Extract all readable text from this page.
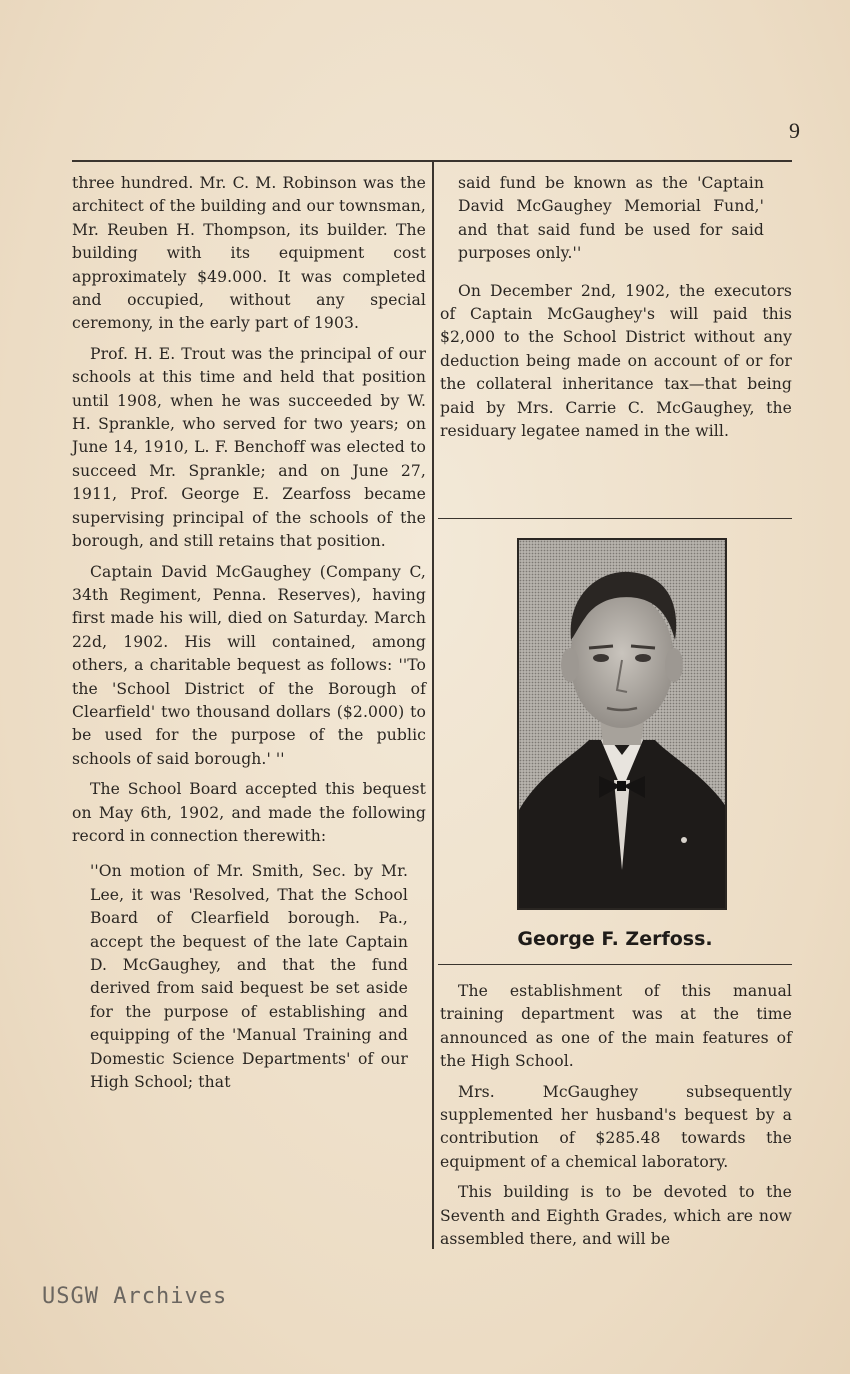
9

three hundred. Mr. C. M. Robinson was the architect of the building and our townsman, Mr. Reuben H. Thompson, its builder. The building with its equipment cost approximately $49.000. It was completed and occupied, without any special ceremony, in the early part of 1903.

Prof. H. E. Trout was the principal of our schools at this time and held that position until 1908, when he was succeeded by W. H. Sprankle, who served for two years; on June 14, 1910, L. F. Benchoff was elected to succeed Mr. Sprankle; and on June 27, 1911, Prof. George E. Zearfoss became supervising principal of the schools of the borough, and still retains that position.

Captain David McGaughey (Company C, 34th Regiment, Penna. Reserves), having first made his will, died on Saturday. March 22d, 1902. His will contained, among others, a charitable bequest as follows: ''To the 'School District of the Borough of Clearfield' two thousand dollars ($2.000) to be used for the purpose of the public schools of said borough.' ''

The School Board accepted this bequest on May 6th, 1902, and made the following record in connection therewith:

''On motion of Mr. Smith, Sec. by Mr. Lee, it was 'Resolved, That the School Board of Clearfield borough. Pa., accept the bequest of the late Captain D. McGaughey, and that the fund derived from said bequest be set aside for the purpose of establishing and equipping of the 'Manual Training and Domestic Science Departments' of our High School; that

said fund be known as the 'Captain David McGaughey Memorial Fund,' and that said fund be used for said purposes only.''

On December 2nd, 1902, the executors of Captain McGaughey's will paid this $2,000 to the School District without any deduction being made on account of or for the collateral inheritance tax—that being paid by Mrs. Carrie C. McGaughey, the residuary legatee named in the will.

George F. Zerfoss.

The establishment of this manual training department was at the time announced as one of the main features of the High School.

Mrs. McGaughey subsequently supplemented her husband's bequest by a contribution of $285.48 towards the equipment of a chemical laboratory.

This building is to be devoted to the Seventh and Eighth Grades, which are now assembled there, and will be

USGW Archives
